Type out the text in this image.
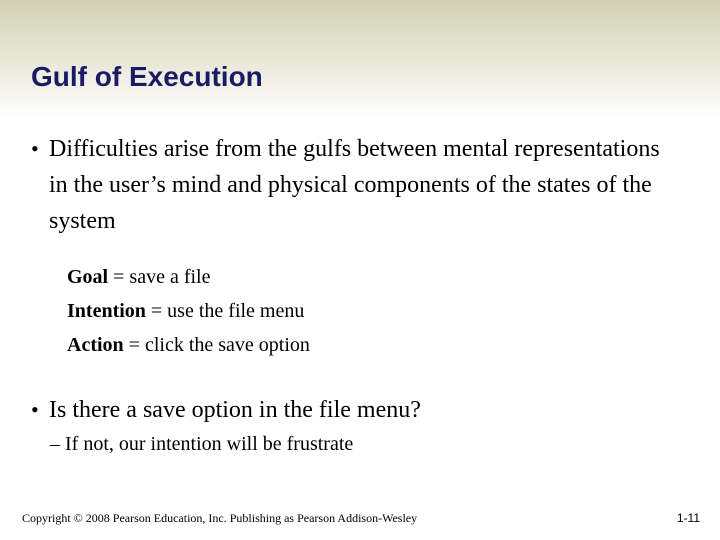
Gulf of Execution
• Difficulties arise from the gulfs between mental representations in the user’s mind and physical components of the states of the system
Goal = save a file
Intention = use the file menu
Action = click the save option
• Is there a save option in the file menu?
– If not, our intention will be frustrate
Copyright © 2008 Pearson Education, Inc. Publishing as Pearson Addison-Wesley	1-11
